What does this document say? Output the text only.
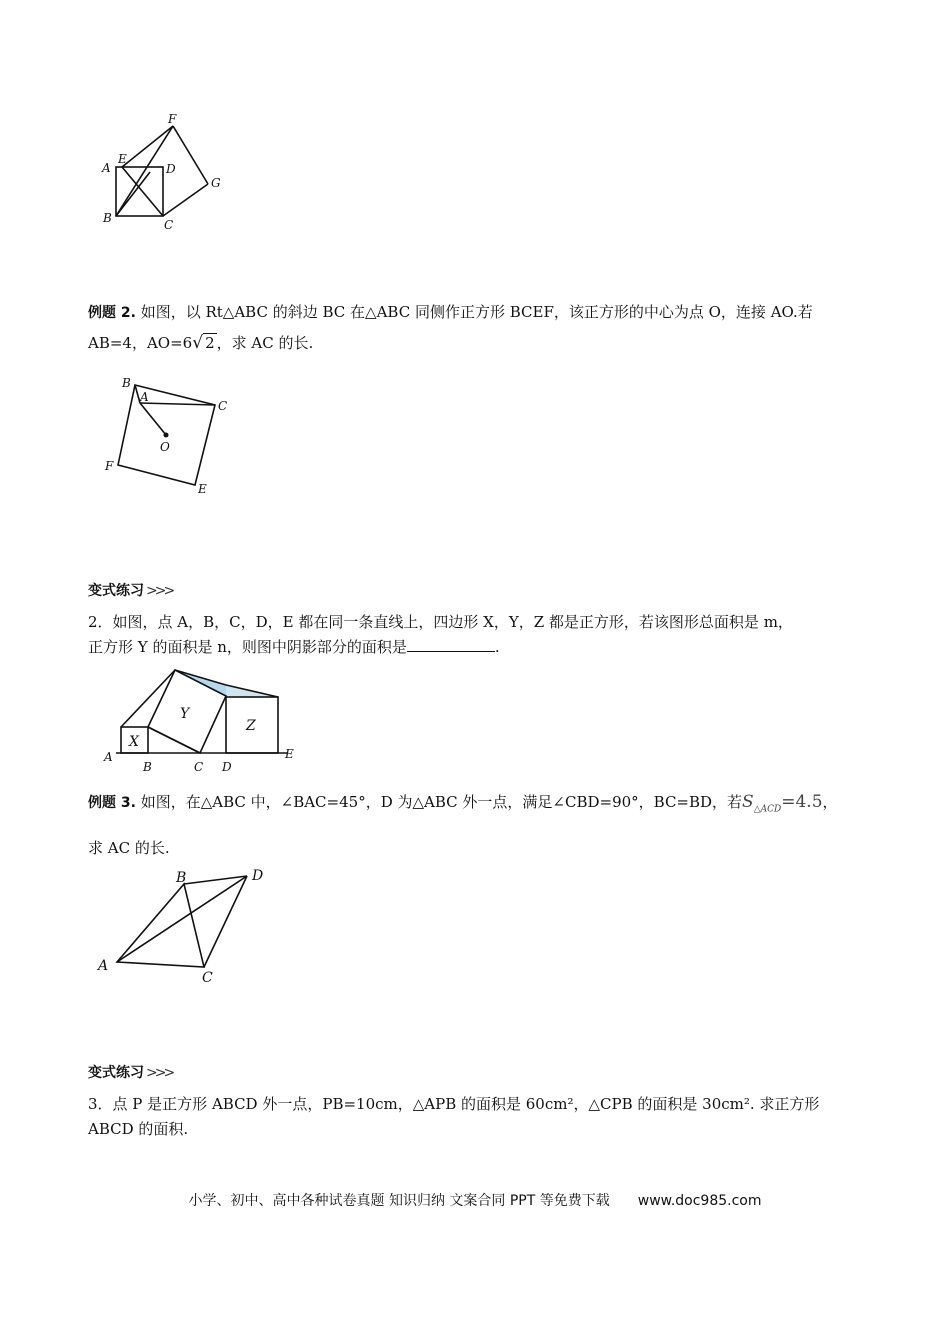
A
E
D
F
G
B	C
例题 2. 如图，以 Rt△ABC 的斜边 BC 在△ABC 同侧作正方形 BCEF，该正方形的中心为点 O，连接 AO.若
AB=4，AO=6√ 2 ，求 AC 的长.
B
A
C
O
F
E
变式练习 >>>
2．如图，点 A，B，C，D，E 都在同一条直线上，四边形 X，Y，Z 都是正方形，若该图形总面积是 m，
正方形 Y 的面积是 n，则图中阴影部分的面积是	.
Y
Z
X
A
B	C D
E
例题 3. 如图，在△ABC 中，∠BAC=45°，D 为△ABC 外一点，满足∠CBD=90°，BC=BD，若$S_{\triangle ACD}=4.5$，
求 AC 的长.
B	D
A
C
变式练习 >>>
3．点 P 是正方形 ABCD 外一点，PB=10cm，△APB 的面积是 60cm²，△CPB 的面积是 30cm². 求正方形
ABCD 的面积.
小学、初中、高中各种试卷真题 知识归纳 文案合同 PPT 等免费下载 www.doc985.com
